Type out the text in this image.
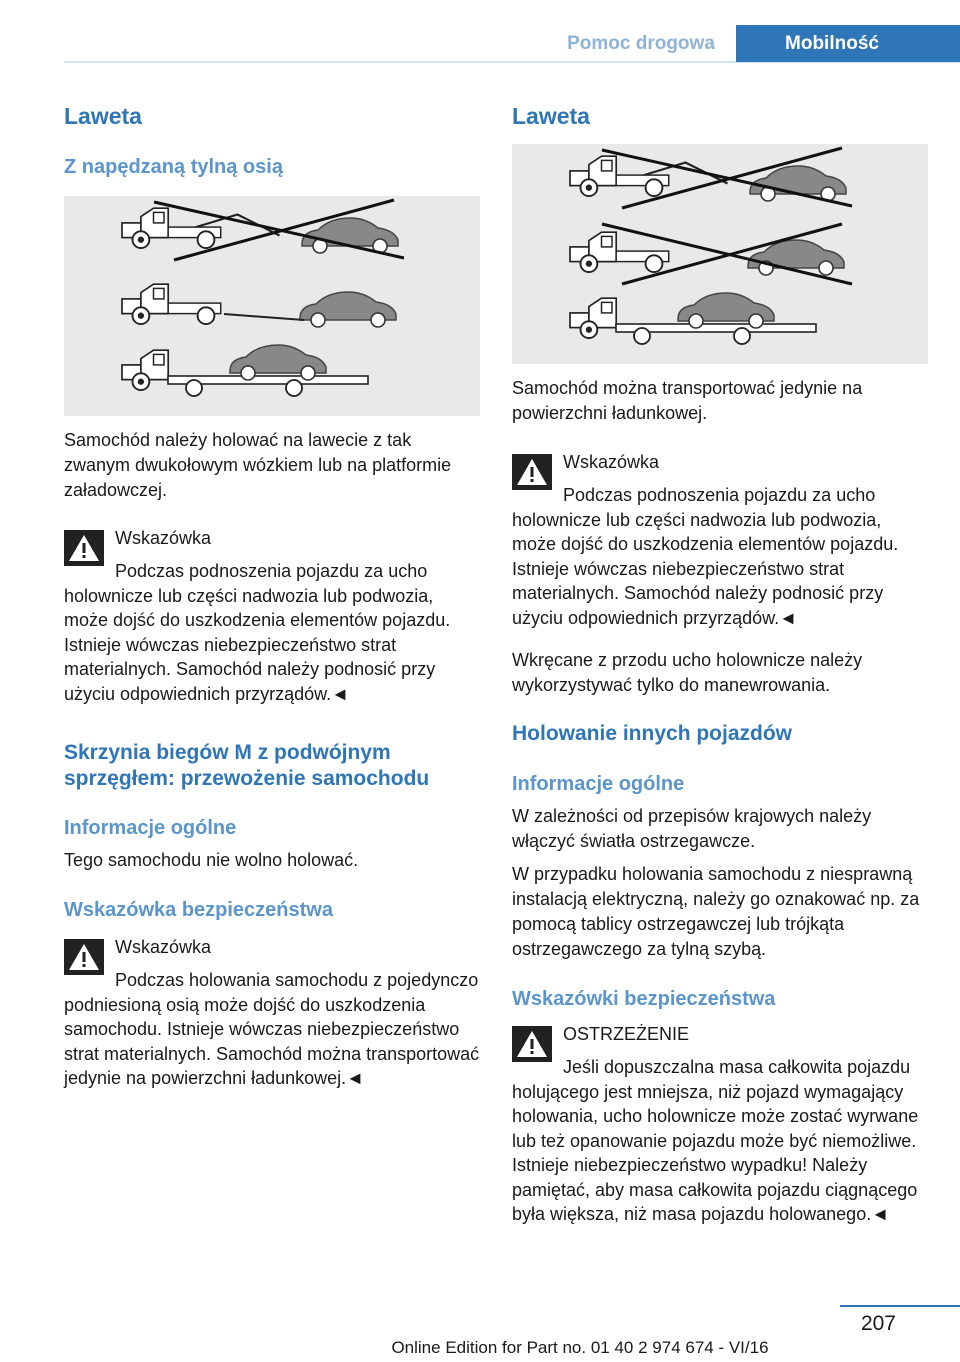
Pomoc drogowa	Mobilność
Laweta
Z napędzaną tylną osią

Samochód należy holować na lawecie z tak zwanym dwukołowym wózkiem lub na platformie załadowczej.

Wskazówka
Podczas podnoszenia pojazdu za ucho holownicze lub części nadwozia lub podwozia, może dojść do uszkodzenia elementów pojazdu. Istnieje wówczas niebezpieczeństwo strat materialnych. Samochód należy podnosić przy użyciu odpowiednich przyrządów.◄
Skrzynia biegów M z podwójnym sprzęgłem: przewożenie samochodu
Informacje ogólne

Tego samochodu nie wolno holować.

Wskazówka bezpieczeństwa
Wskazówka
Podczas holowania samochodu z pojedynczo podniesioną osią może dojść do uszkodzenia samochodu. Istnieje wówczas niebezpieczeństwo strat materialnych. Samochód można transportować jedynie na powierzchni ładunkowej.◄
Laweta

Samochód można transportować jedynie na powierzchni ładunkowej.

Wskazówka
Podczas podnoszenia pojazdu za ucho holownicze lub części nadwozia lub podwozia, może dojść do uszkodzenia elementów pojazdu. Istnieje wówczas niebezpieczeństwo strat materialnych. Samochód należy podnosić przy użyciu odpowiednich przyrządów.◄

Wkręcane z przodu ucho holownicze należy wykorzystywać tylko do manewrowania.

Holowanie innych pojazdów
Informacje ogólne

W zależności od przepisów krajowych należy włączyć światła ostrzegawcze.

W przypadku holowania samochodu z niesprawną instalacją elektryczną, należy go oznakować np. za pomocą tablicy ostrzegawczej lub trójkąta ostrzegawczego za tylną szybą.

Wskazówki bezpieczeństwa
OSTRZEŻENIE
Jeśli dopuszczalna masa całkowita pojazdu holującego jest mniejsza, niż pojazd wymagający holowania, ucho holownicze może zostać wyrwane lub też opanowanie pojazdu może być niemożliwe. Istnieje niebezpieczeństwo wypadku! Należy pamiętać, aby masa całkowita pojazdu ciągnącego była większa, niż masa pojazdu holowanego.◄
207
Online Edition for Part no. 01 40 2 974 674 - VI/16
